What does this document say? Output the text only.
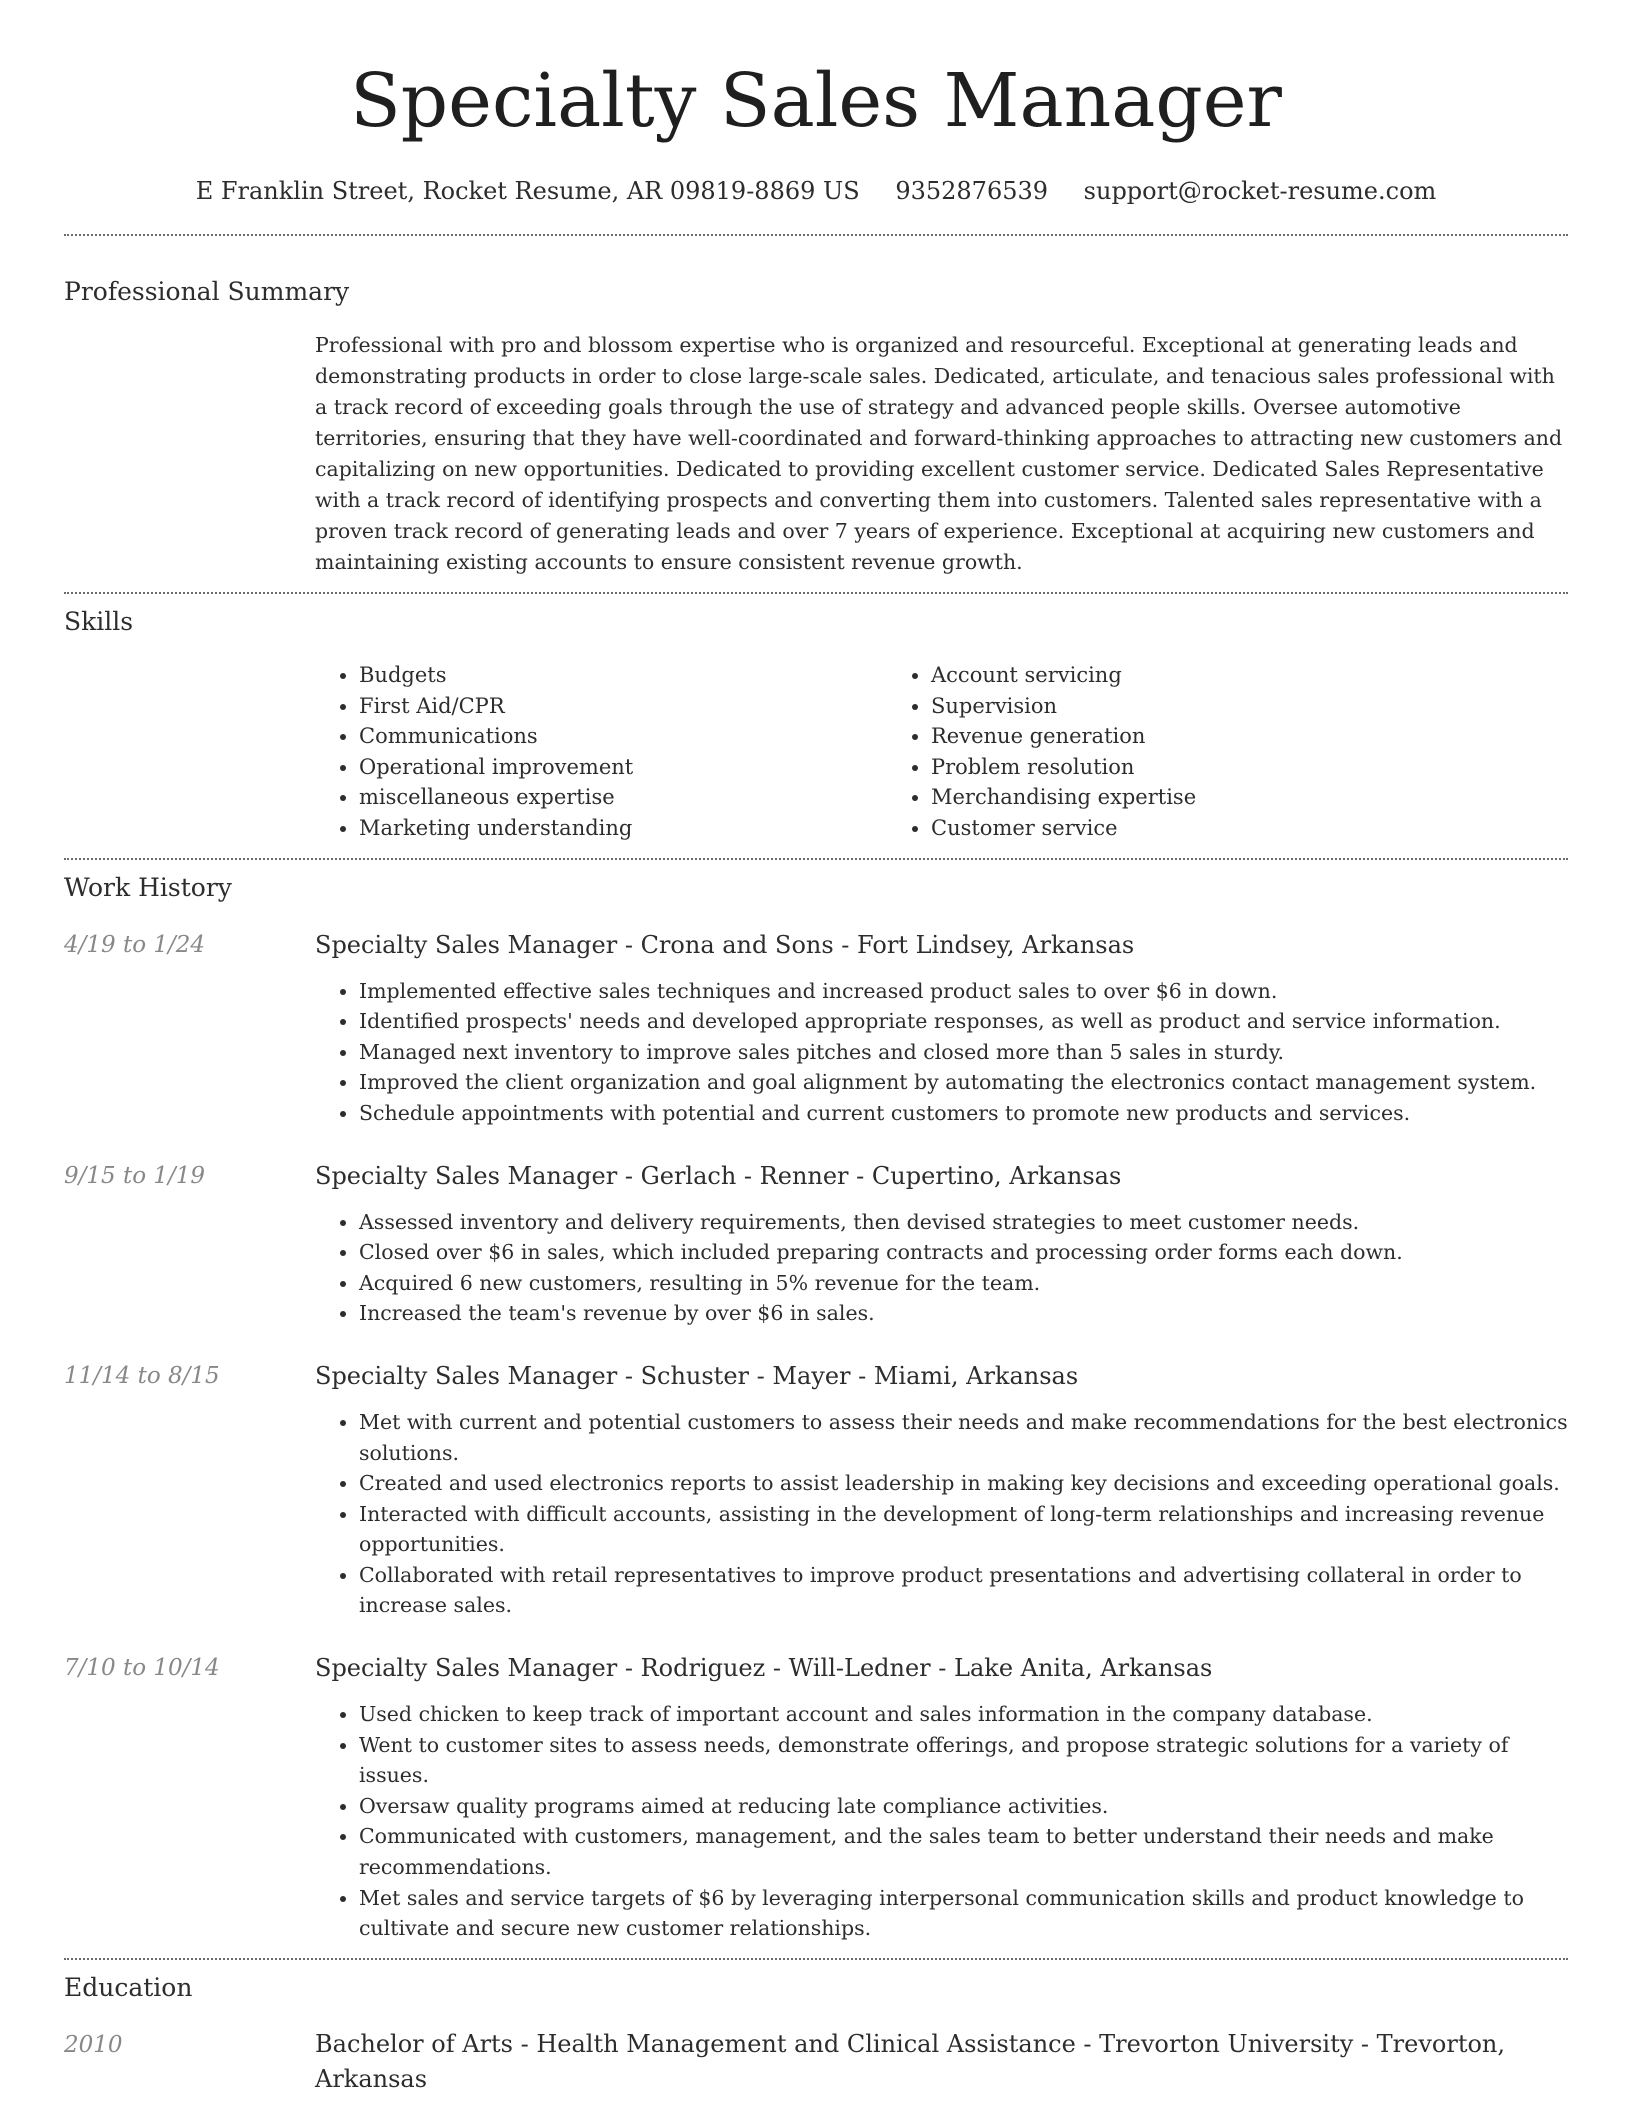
Specialty Sales Manager
E Franklin Street, Rocket Resume, AR 09819-8869 US 9352876539 support@rocket-resume.com
Professional Summary

Professional with pro and blossom expertise who is organized and resourceful. Exceptional at generating leads and demonstrating products in order to close large-scale sales. Dedicated, articulate, and tenacious sales professional with a track record of exceeding goals through the use of strategy and advanced people skills. Oversee automotive territories, ensuring that they have well-coordinated and forward-thinking approaches to attracting new customers and capitalizing on new opportunities. Dedicated to providing excellent customer service. Dedicated Sales Representative with a track record of identifying prospects and converting them into customers. Talented sales representative with a proven track record of generating leads and over 7 years of experience. Exceptional at acquiring new customers and maintaining existing accounts to ensure consistent revenue growth.

Skills
• Budgets
• First Aid/CPR
• Communications
• Operational improvement
• miscellaneous expertise
• Marketing understanding
• Account servicing
• Supervision
• Revenue generation
• Problem resolution
• Merchandising expertise
• Customer service
Work History
4/19 to 1/24	Specialty Sales Manager - Crona and Sons - Fort Lindsey, Arkansas
• Implemented effective sales techniques and increased product sales to over $6 in down.
• Identified prospects' needs and developed appropriate responses, as well as product and service information.
• Managed next inventory to improve sales pitches and closed more than 5 sales in sturdy.
• Improved the client organization and goal alignment by automating the electronics contact management system.
• Schedule appointments with potential and current customers to promote new products and services.
9/15 to 1/19	Specialty Sales Manager - Gerlach - Renner - Cupertino, Arkansas
• Assessed inventory and delivery requirements, then devised strategies to meet customer needs.
• Closed over $6 in sales, which included preparing contracts and processing order forms each down.
• Acquired 6 new customers, resulting in 5% revenue for the team.
• Increased the team's revenue by over $6 in sales.
11/14 to 8/15	Specialty Sales Manager - Schuster - Mayer - Miami, Arkansas
• Met with current and potential customers to assess their needs and make recommendations for the best electronics solutions.
• Created and used electronics reports to assist leadership in making key decisions and exceeding operational goals.
• Interacted with difficult accounts, assisting in the development of long-term relationships and increasing revenue opportunities.
• Collaborated with retail representatives to improve product presentations and advertising collateral in order to increase sales.
7/10 to 10/14	Specialty Sales Manager - Rodriguez - Will-Ledner - Lake Anita, Arkansas
• Used chicken to keep track of important account and sales information in the company database.
• Went to customer sites to assess needs, demonstrate offerings, and propose strategic solutions for a variety of issues.
• Oversaw quality programs aimed at reducing late compliance activities.
• Communicated with customers, management, and the sales team to better understand their needs and make recommendations.
• Met sales and service targets of $6 by leveraging interpersonal communication skills and product knowledge to cultivate and secure new customer relationships.
Education
2010	Bachelor of Arts - Health Management and Clinical Assistance - Trevorton University - Trevorton, Arkansas
